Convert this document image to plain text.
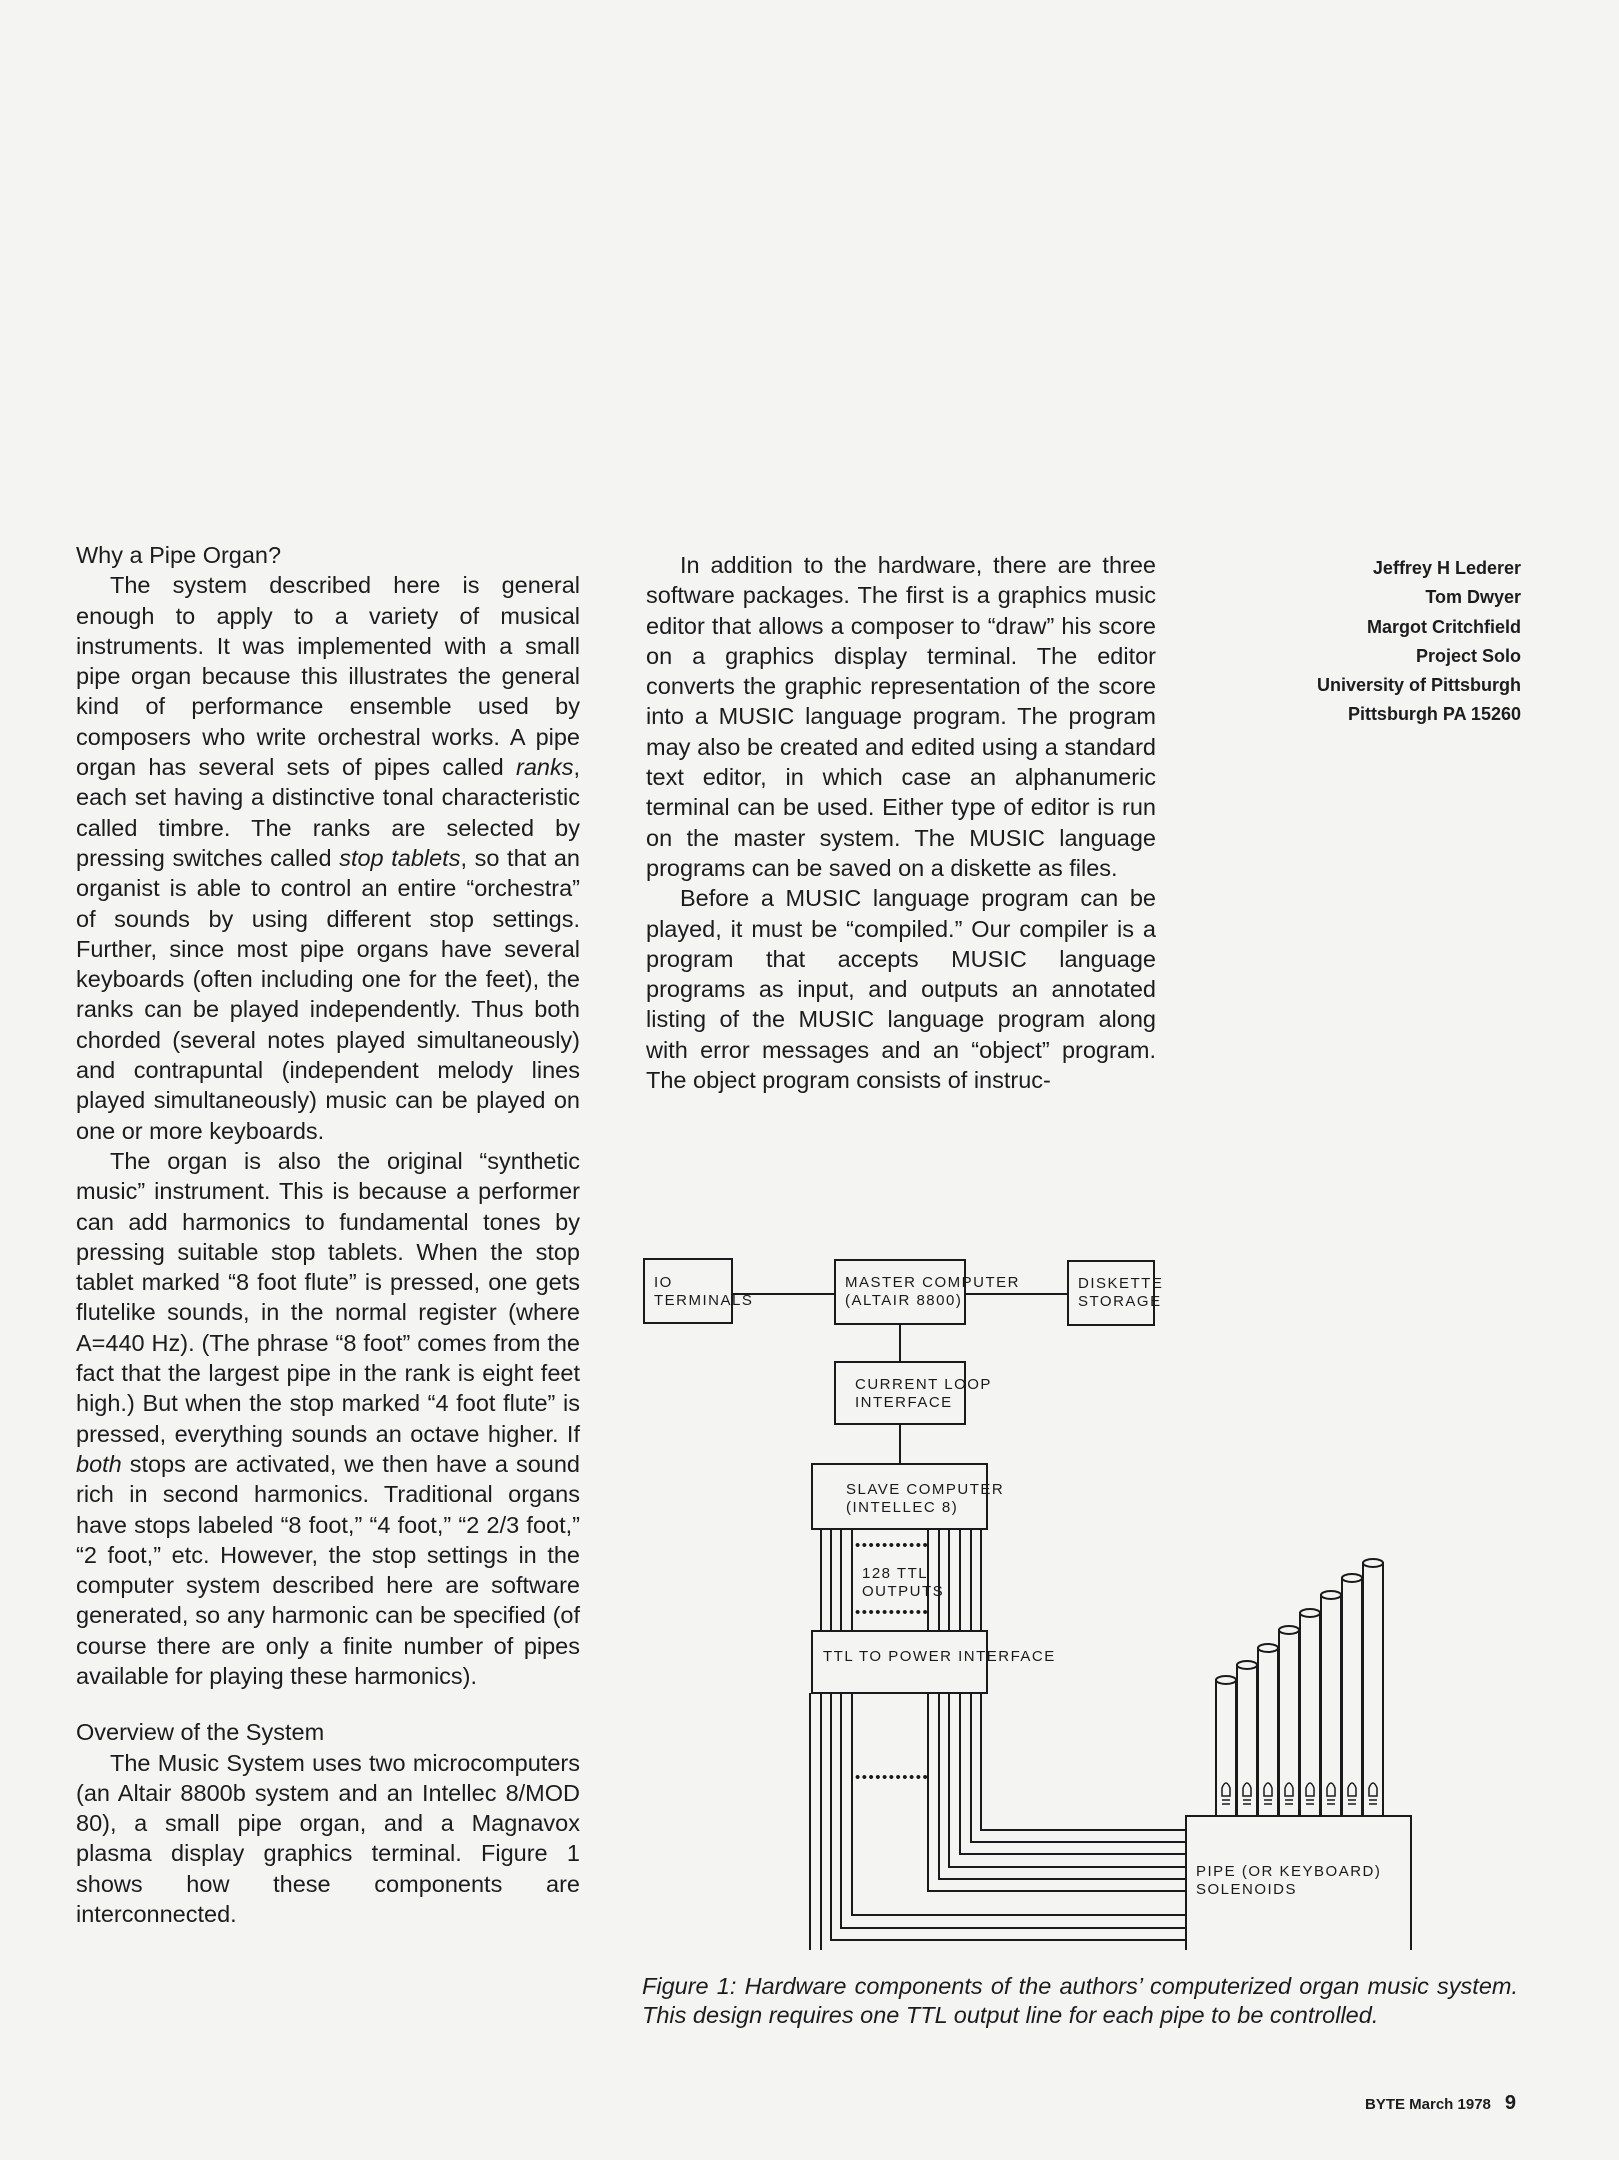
Why a Pipe Organ?

The system described here is general enough to apply to a variety of musical instruments. It was implemented with a small pipe organ because this illustrates the general kind of performance ensemble used by composers who write orchestral works. A pipe organ has several sets of pipes called ranks, each set having a distinctive tonal characteristic called timbre. The ranks are selected by pressing switches called stop tablets, so that an organist is able to control an entire “orchestra” of sounds by using different stop settings. Further, since most pipe organs have several keyboards (often including one for the feet), the ranks can be played independently. Thus both chorded (several notes played simultaneously) and contrapuntal (independent melody lines played simultaneously) music can be played on one or more keyboards.

The organ is also the original “synthetic music” instrument. This is because a performer can add harmonics to fundamental tones by pressing suitable stop tablets. When the stop tablet marked “8 foot flute” is pressed, one gets flutelike sounds, in the normal register (where A=440 Hz). (The phrase “8 foot” comes from the fact that the largest pipe in the rank is eight feet high.) But when the stop marked “4 foot flute” is pressed, everything sounds an octave higher. If both stops are activated, we then have a sound rich in second harmonics. Traditional organs have stops labeled “8 foot,” “4 foot,” “2 2/3 foot,” “2 foot,” etc. However, the stop settings in the computer system described here are software generated, so any harmonic can be specified (of course there are only a finite number of pipes available for playing these harmonics).

Overview of the System

The Music System uses two microcomputers (an Altair 8800b system and an Intellec 8/MOD 80), a small pipe organ, and a Magnavox plasma display graphics terminal. Figure 1 shows how these components are interconnected.

In addition to the hardware, there are three software packages. The first is a graphics music editor that allows a composer to “draw” his score on a graphics display terminal. The editor converts the graphic representation of the score into a MUSIC language program. The program may also be created and edited using a standard text editor, in which case an alphanumeric terminal can be used. Either type of editor is run on the master system. The MUSIC language programs can be saved on a diskette as files.

Before a MUSIC language program can be played, it must be “compiled.” Our compiler is a program that accepts MUSIC language programs as input, and outputs an annotated listing of the MUSIC language program along with error messages and an “object” program. The object program consists of instruc-

Jeffrey H Lederer
Tom Dwyer
Margot Critchfield
Project Solo
University of Pittsburgh
Pittsburgh PA 15260
IO
TERMINALS
MASTER COMPUTER
(ALTAIR 8800)
DISKETTE
STORAGE
CURRENT LOOP
INTERFACE
SLAVE COMPUTER
(INTELLEC 8)
•••••••••••
128 TTL
OUTPUTS
•••••••••••
TTL TO POWER INTERFACE
•••••••••••
PIPE (OR KEYBOARD)
SOLENOIDS
Figure 1: Hardware components of the authors’ computerized organ music system. This design requires one TTL output line for each pipe to be controlled.
BYTE March 1978 9
